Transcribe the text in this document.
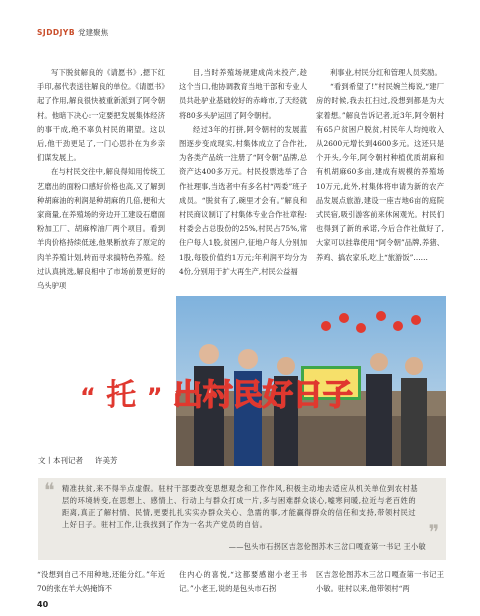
SJDDJYB 党建聚焦

写下脱贫解良的《请愿书》,摁下红手印,郝代表送往解良的单位。《请愿书》起了作用,解良很快被重新派到了阿令朝村。他暗下决心:一定要把发展集体经济的事干成,绝不辜负村民的期望。这以后,他干劲更足了,一门心思扑在为乡亲们谋发展上。

在与村民交往中,解良得知用传统工艺磨出的面粉口感好价格也高,又了解到种胡麻油的利润是种胡麻的几倍,便和大家商量,在养殖场的旁边开工建设石磨面粉加工厂、胡麻榨油厂两个项目。看到羊肉价格持续低迷,他果断放弃了原定的肉羊养殖计划,转而寻求搞特色养殖。经过认真挑选,解良相中了市场前景更好的乌头驴项

目,当时养殖场规建成尚未投产,趁这个当口,他协调教育当地干部和专业人员共赴驴业基础较好的赤峰市,了天经就将80多头驴运回了阿令朝村。

经过3年的打拼,阿令朝村的发展蓝图逐步变成现实,村集体成立了合作社,为各类产品统一注册了“阿令朝”品牌,总资产达400多万元。村民投票选举了合作社理事,当选者中有多名村“两委”班子成员。“脱贫有了,碗里才会有。”解良和村民商议制订了村集体专业合作社章程:村委会占总股份的25%,村民占75%,常住户每人1股,贫困户,征地户每人分别加1股,每股价值约1万元;年利润平均分为4份,分别用于扩大再生产,村民公益福

利事业,村民分红和管理人员奖励。

“看到希望了!”村民婉兰梅说,“建厂房的时候,我去扛扫过,没想到都是为大家着想。”解良告诉记者,近3年,阿令朝村有65户贫困户脱贫,村民年人均纯收入从2600元增长到4600多元。这还只是个开头,今年,阿令朝村种植优质胡麻和有机胡麻60多亩,建成有规模的养殖场10万元,此外,村集体将申请为新的农产品发展点旅游,建设一座吉地6亩的庭院式民宿,吸引游客前来休闲观光。村民们也得到了新的承诺,今后合作社做好了,大家可以挂靠使用“阿令朝”品牌,养猪、养鸡、搞农家乐,吃上“旅游饭”……

“ 托 ” 出村民好日子
文丨本刊记者 许美芳
❝
❞
精准扶贫,来不得半点虚假。驻村干部要改变思想观念和工作作风,积极主动地去适应从机关单位到农村基层的环境转变,在思想上、感情上、行动上与群众打成一片,多与困难群众谈心,嘘寒问暖,拉近与老百姓的距离,真正了解村情、民情,更要扎扎实实办群众关心、急需的事,才能赢得群众的信任和支持,带领村民过上好日子。驻村工作,让我找到了作为一名共产党员的自信。
——包头市石拐区吉忽伦图苏木三岔口嘎查第一书记 王小敏
“没想到自己不用种地,还能分红。”年近70的张在羊大妈掩饰不
住内心的喜悦,“这都要感谢小老王书记。”小老王,说的是包头市石拐
区吉忽伦图苏木三岔口嘎查第一书记王小敏。驻村以来,他带领村“两
40
